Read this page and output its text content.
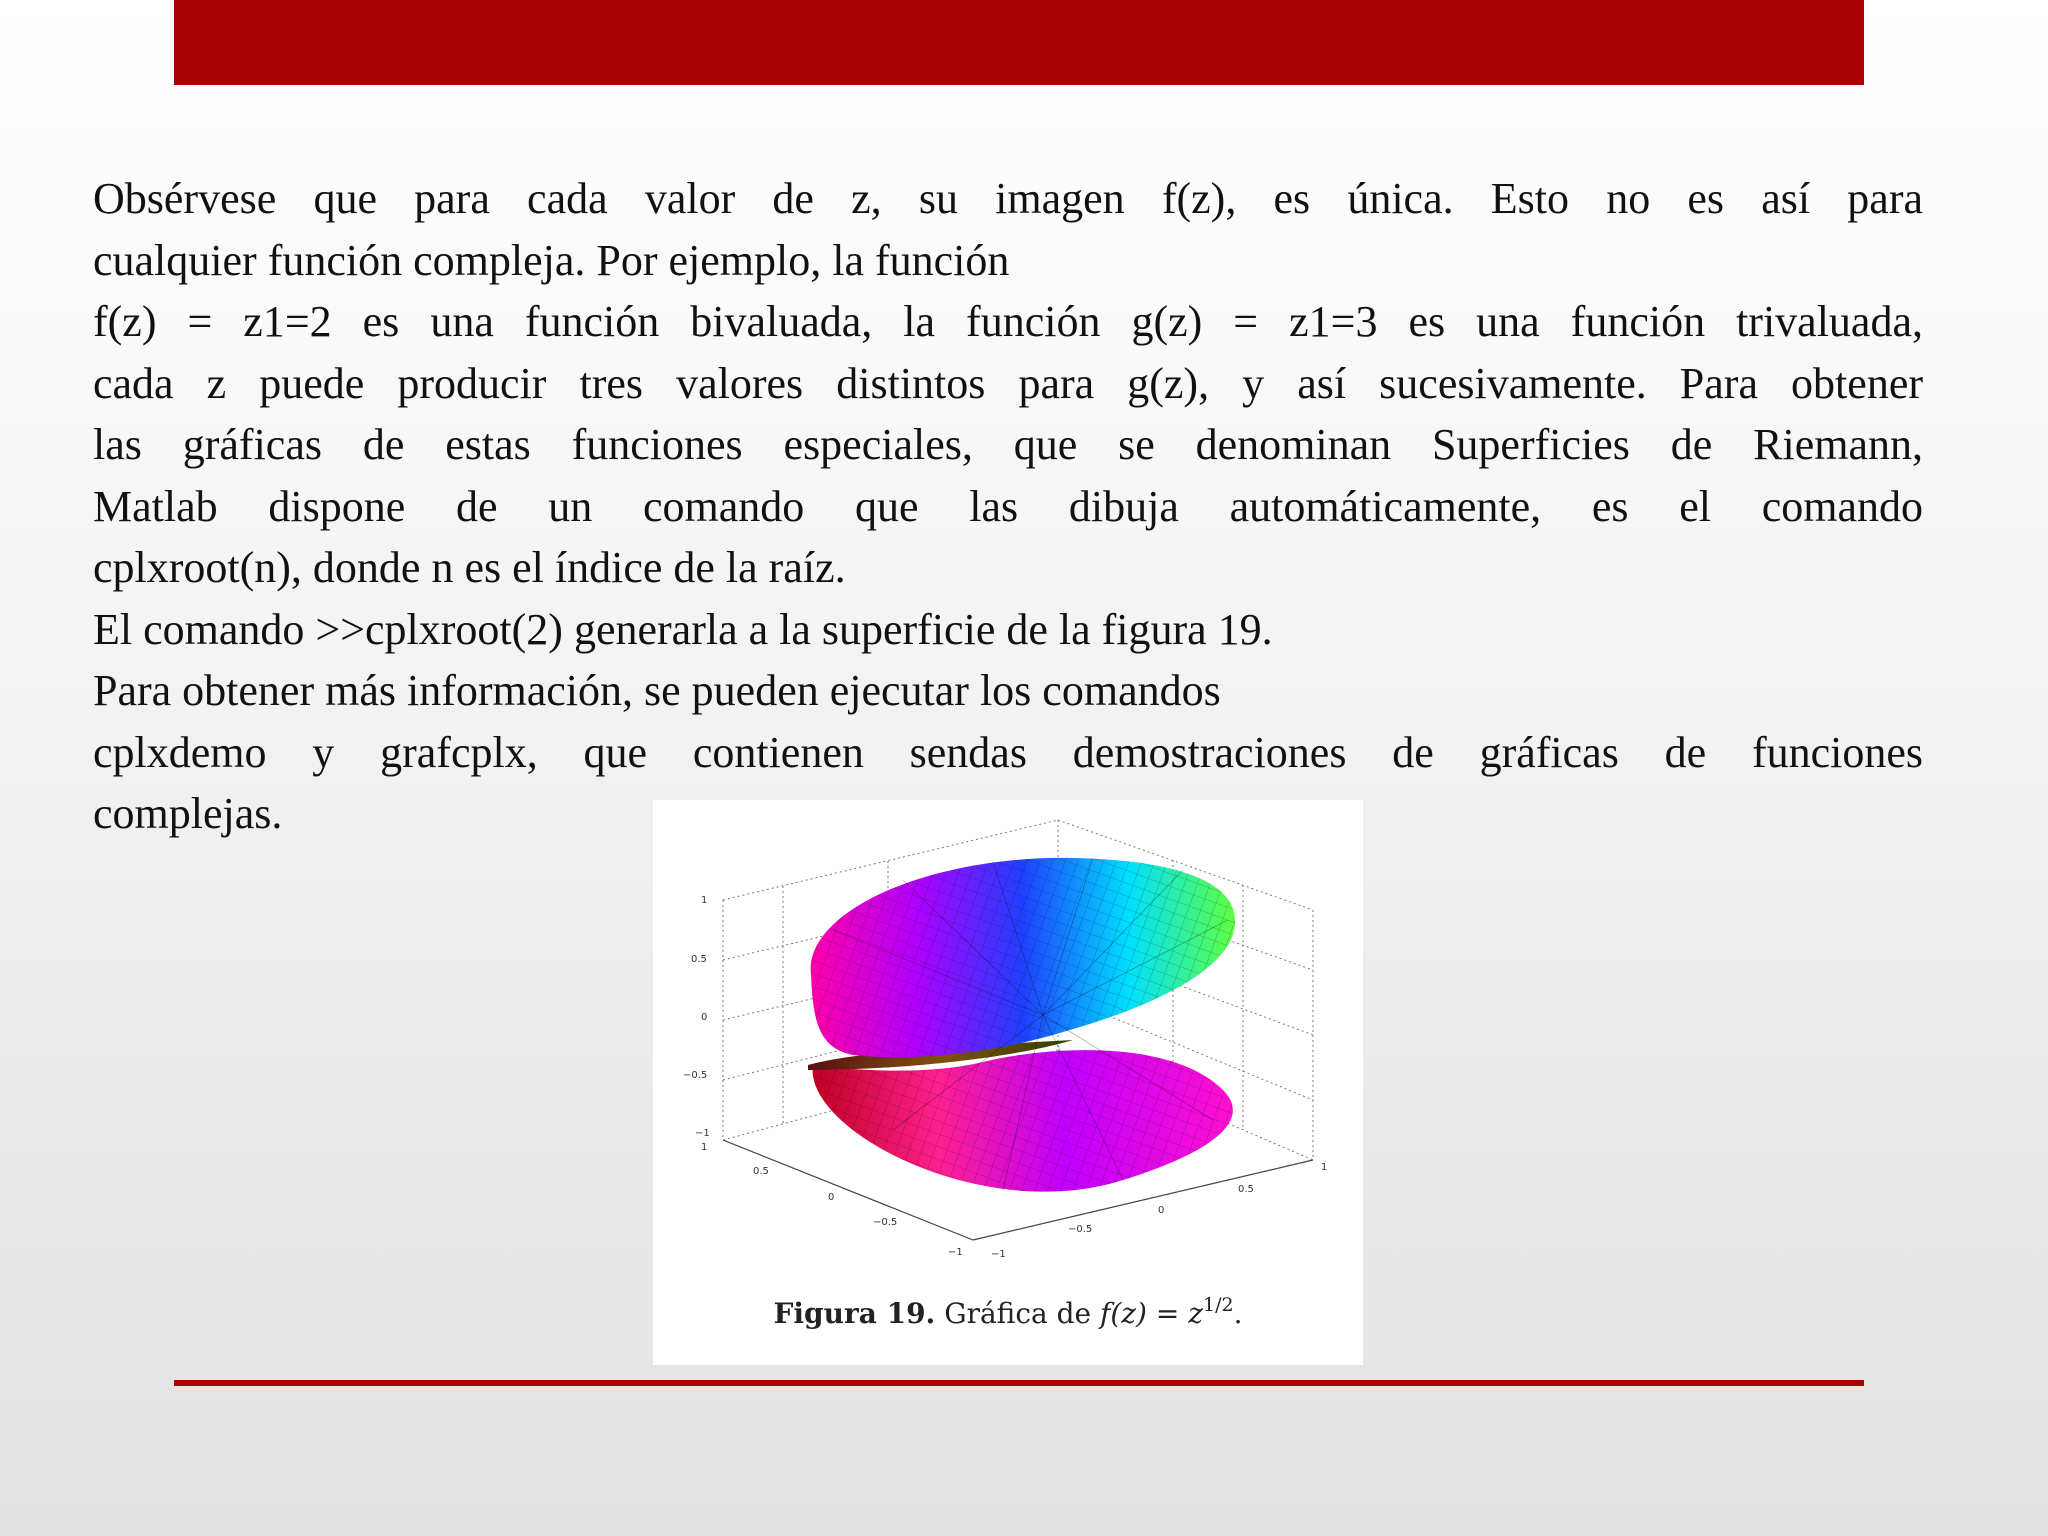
Obsérvese que para cada valor de z, su imagen f(z), es única. Esto no es así para

cualquier función compleja. Por ejemplo, la función

f(z) = z1=2 es una función bivaluada, la función g(z) = z1=3 es una función trivaluada,

cada z puede producir tres valores distintos para g(z), y así sucesivamente. Para obtener

las gráficas de estas funciones especiales, que se denominan Superficies de Riemann,

Matlab dispone de un comando que las dibuja automáticamente, es el comando

cplxroot(n), donde n es el índice de la raíz.

El comando >>cplxroot(2) generarla a la superficie de la figura 19.

Para obtener más información, se pueden ejecutar los comandos

cplxdemo y grafcplx, que contienen sendas demostraciones de gráficas de funciones

complejas.

1
0.5
0
−0.5
−1
1
0.5
0
−0.5
−1	−1
−0.5
0
0.5
1
Figura 19. Gráfica de $f(z) = z^{1/2}$.
